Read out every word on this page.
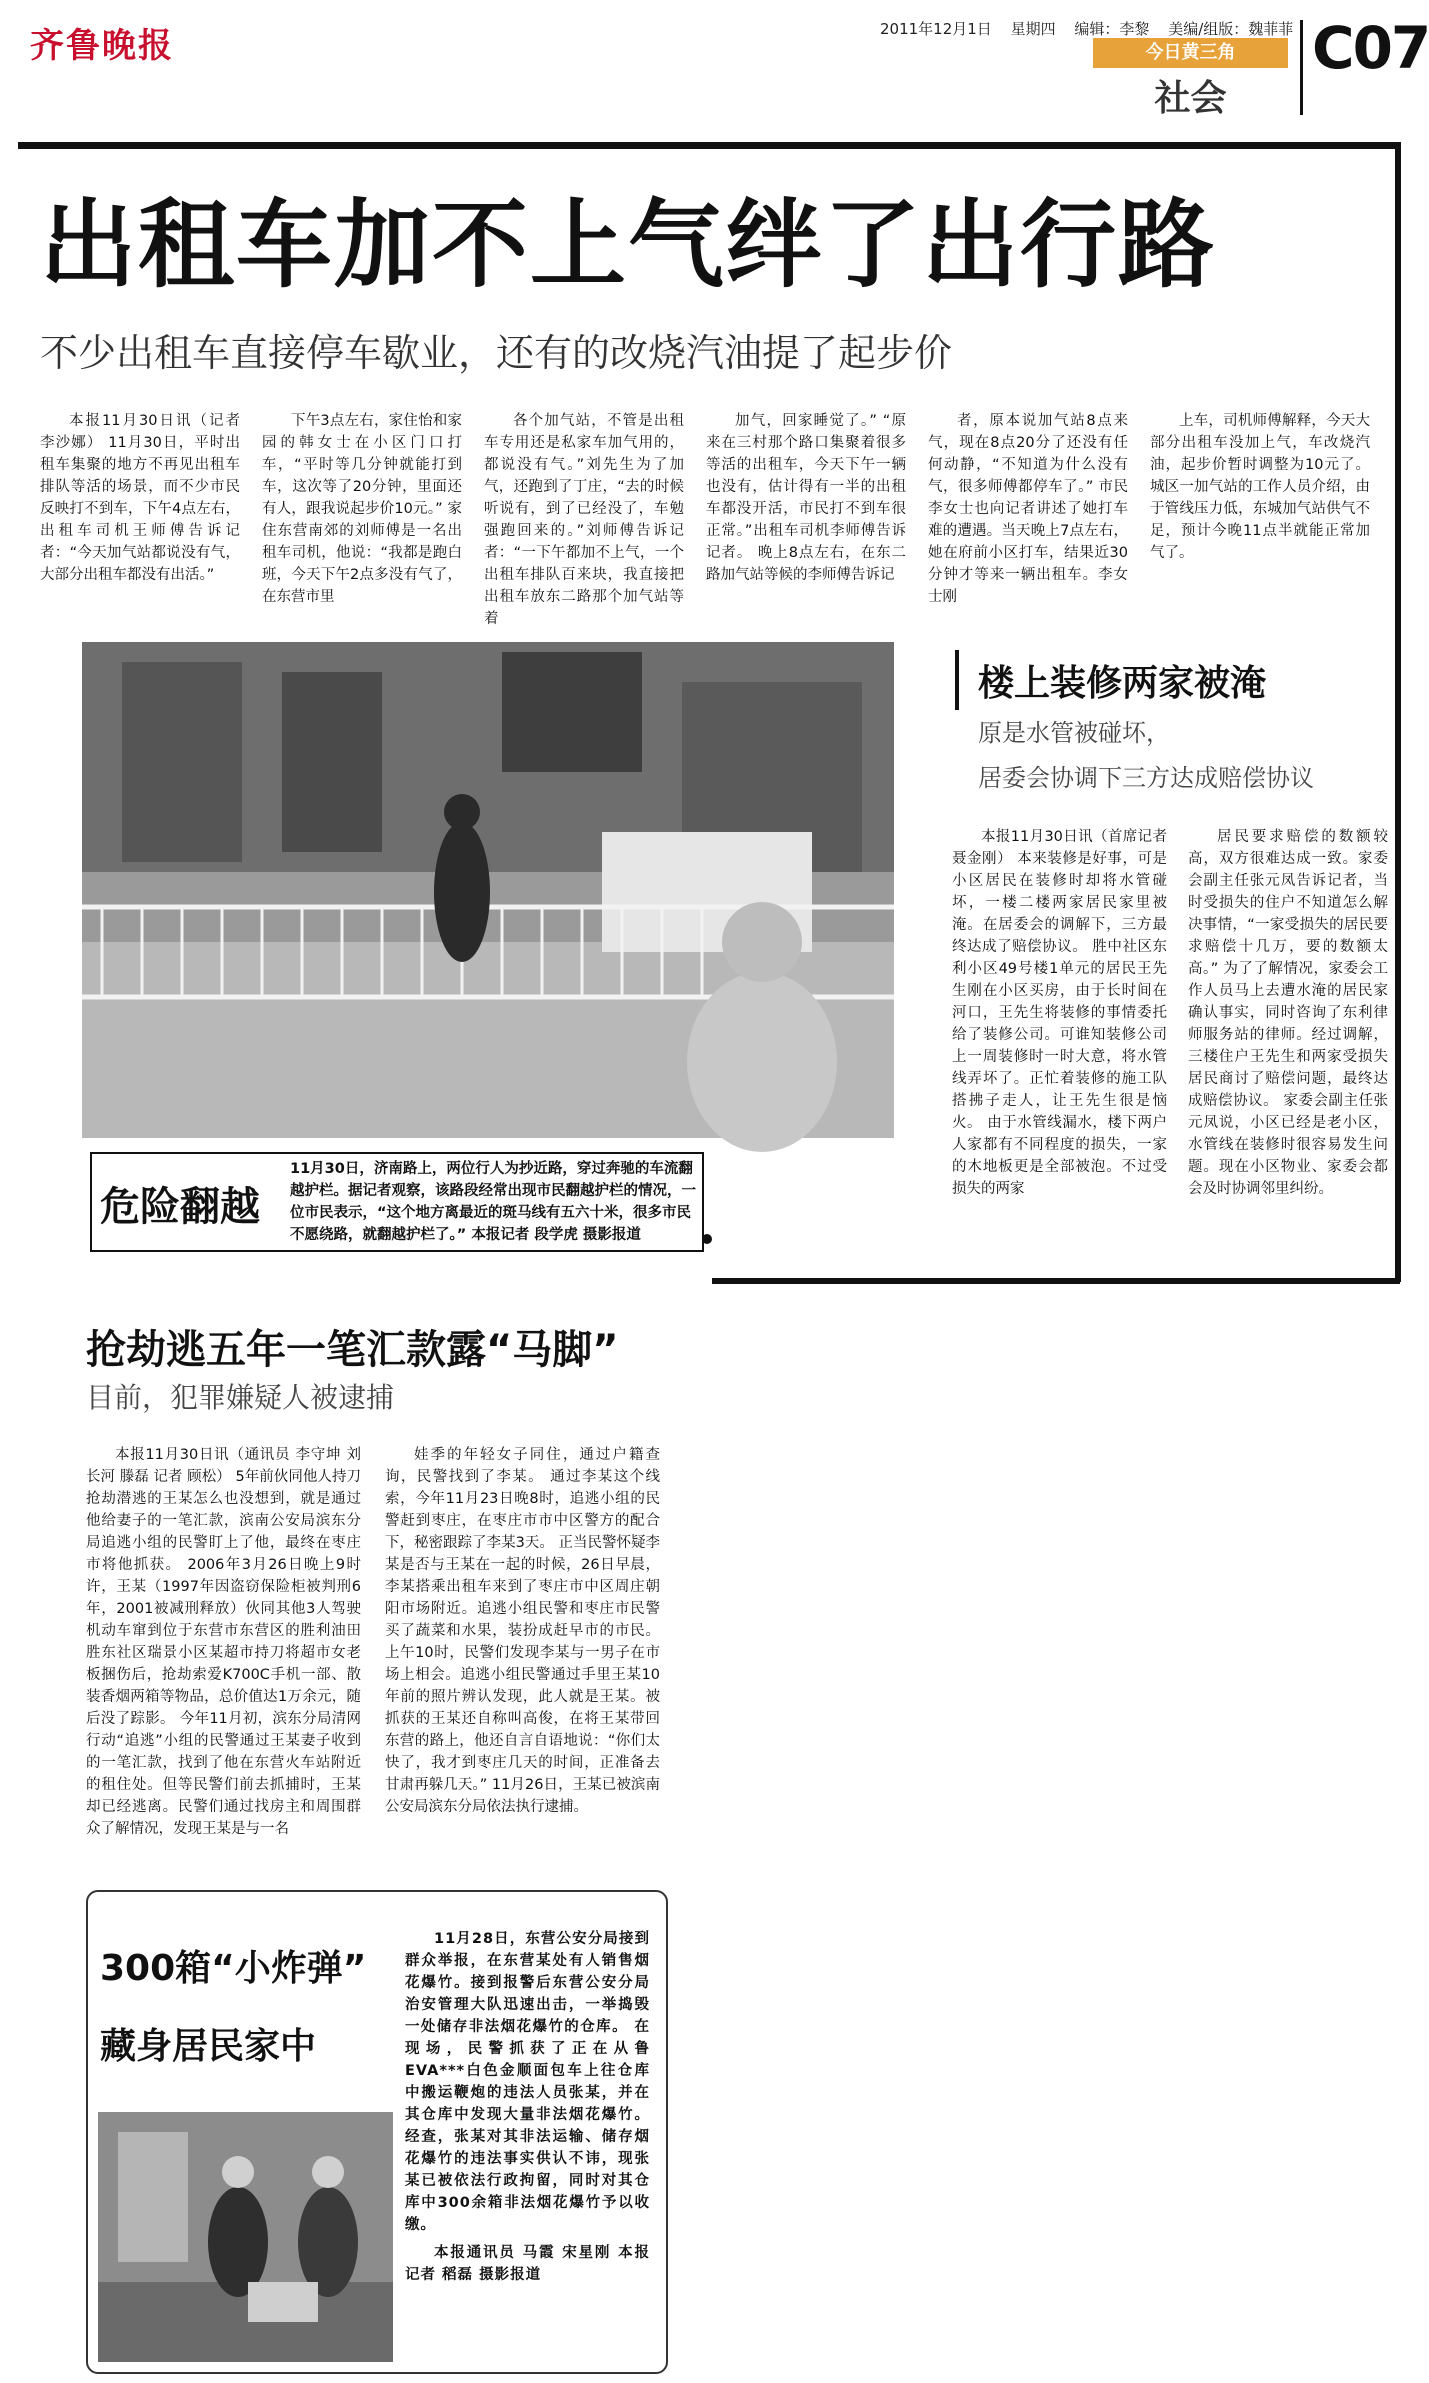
齐鲁晚报	2011年12月1日 星期四 编辑：李黎 美编/组版：魏菲菲
今日黄三角
社会
C07
出租车加不上气绊了出行路
不少出租车直接停车歇业，还有的改烧汽油提了起步价

本报11月30日讯（记者 李沙娜） 11月30日，平时出租车集聚的地方不再见出租车排队等活的场景，而不少市民反映打不到车，下午4点左右，出租车司机王师傅告诉记者：“今天加气站都说没有气，大部分出租车都没有出活。”

下午3点左右，家住怡和家园的韩女士在小区门口打车，“平时等几分钟就能打到车，这次等了20分钟，里面还有人，跟我说起步价10元。” 家住东营南郊的刘师傅是一名出租车司机，他说：“我都是跑白班，今天下午2点多没有气了，在东营市里

各个加气站，不管是出租车专用还是私家车加气用的，都说没有气。”刘先生为了加气，还跑到了丁庄，“去的时候听说有，到了已经没了，车勉强跑回来的。”刘师傅告诉记者：“一下午都加不上气，一个出租车排队百来块，我直接把出租车放东二路那个加气站等着

加气，回家睡觉了。” “原来在三村那个路口集聚着很多等活的出租车，今天下午一辆也没有，估计得有一半的出租车都没开活，市民打不到车很正常。”出租车司机李师傅告诉记者。 晚上8点左右，在东二路加气站等候的李师傅告诉记

者，原本说加气站8点来气，现在8点20分了还没有任何动静，“不知道为什么没有气，很多师傅都停车了。” 市民李女士也向记者讲述了她打车难的遭遇。当天晚上7点左右，她在府前小区打车，结果近30分钟才等来一辆出租车。李女士刚

上车，司机师傅解释，今天大部分出租车没加上气，车改烧汽油，起步价暂时调整为10元了。 城区一加气站的工作人员介绍，由于管线压力低，东城加气站供气不足，预计今晚11点半就能正常加气了。

危险翻越
11月30日，济南路上，两位行人为抄近路，穿过奔驰的车流翻越护栏。据记者观察，该路段经常出现市民翻越护栏的情况，一位市民表示，“这个地方离最近的斑马线有五六十米，很多市民不愿绕路，就翻越护栏了。” 本报记者 段学虎 摄影报道
楼上装修两家被淹
原是水管被碰坏，
居委会协调下三方达成赔偿协议

本报11月30日讯（首席记者 聂金刚） 本来装修是好事，可是小区居民在装修时却将水管碰坏，一楼二楼两家居民家里被淹。在居委会的调解下，三方最终达成了赔偿协议。 胜中社区东利小区49号楼1单元的居民王先生刚在小区买房，由于长时间在河口，王先生将装修的事情委托给了装修公司。可谁知装修公司上一周装修时一时大意，将水管线弄坏了。正忙着装修的施工队搭拂子走人，让王先生很是恼火。 由于水管线漏水，楼下两户人家都有不同程度的损失，一家的木地板更是全部被泡。不过受损失的两家

居民要求赔偿的数额较高，双方很难达成一致。家委会副主任张元凤告诉记者，当时受损失的住户不知道怎么解决事情，“一家受损失的居民要求赔偿十几万，要的数额太高。” 为了了解情况，家委会工作人员马上去遭水淹的居民家确认事实，同时咨询了东利律师服务站的律师。经过调解，三楼住户王先生和两家受损失居民商讨了赔偿问题，最终达成赔偿协议。 家委会副主任张元凤说，小区已经是老小区，水管线在装修时很容易发生问题。现在小区物业、家委会都会及时协调邻里纠纷。

抢劫逃五年一笔汇款露“马脚”
目前，犯罪嫌疑人被逮捕

本报11月30日讯（通讯员 李守坤 刘长河 滕磊 记者 顾松） 5年前伙同他人持刀抢劫潜逃的王某怎么也没想到，就是通过他给妻子的一笔汇款，滨南公安局滨东分局追逃小组的民警盯上了他，最终在枣庄市将他抓获。 2006年3月26日晚上9时许，王某（1997年因盗窃保险柜被判刑6年，2001被减刑释放）伙同其他3人驾驶机动车窜到位于东营市东营区的胜利油田胜东社区瑞景小区某超市持刀将超市女老板捆伤后，抢劫索爱K700C手机一部、散装香烟两箱等物品，总价值达1万余元，随后没了踪影。 今年11月初，滨东分局清网行动“追逃”小组的民警通过王某妻子收到的一笔汇款，找到了他在东营火车站附近的租住处。但等民警们前去抓捕时，王某却已经逃离。民警们通过找房主和周围群众了解情况，发现王某是与一名

娃季的年轻女子同住，通过户籍查询，民警找到了李某。 通过李某这个线索，今年11月23日晚8时，追逃小组的民警赶到枣庄，在枣庄市市中区警方的配合下，秘密跟踪了李某3天。 正当民警怀疑李某是否与王某在一起的时候，26日早晨，李某搭乘出租车来到了枣庄市中区周庄朝阳市场附近。追逃小组民警和枣庄市民警买了蔬菜和水果，装扮成赶早市的市民。上午10时，民警们发现李某与一男子在市场上相会。追逃小组民警通过手里王某10年前的照片辨认发现，此人就是王某。被抓获的王某还自称叫高俊，在将王某带回东营的路上，他还自言自语地说：“你们太快了，我才到枣庄几天的时间，正准备去甘肃再躲几天。” 11月26日，王某已被滨南公安局滨东分局依法执行逮捕。

300箱“小炸弹”
藏身居民家中

11月28日，东营公安分局接到群众举报，在东营某处有人销售烟花爆竹。接到报警后东营公安分局治安管理大队迅速出击，一举捣毁一处储存非法烟花爆竹的仓库。 在现场，民警抓获了正在从鲁EVA***白色金顺面包车上往仓库中搬运鞭炮的违法人员张某，并在其仓库中发现大量非法烟花爆竹。经查，张某对其非法运输、储存烟花爆竹的违法事实供认不讳，现张某已被依法行政拘留，同时对其仓库中300余箱非法烟花爆竹予以收缴。

本报通讯员 马霞 宋星刚 本报记者 稻磊 摄影报道
